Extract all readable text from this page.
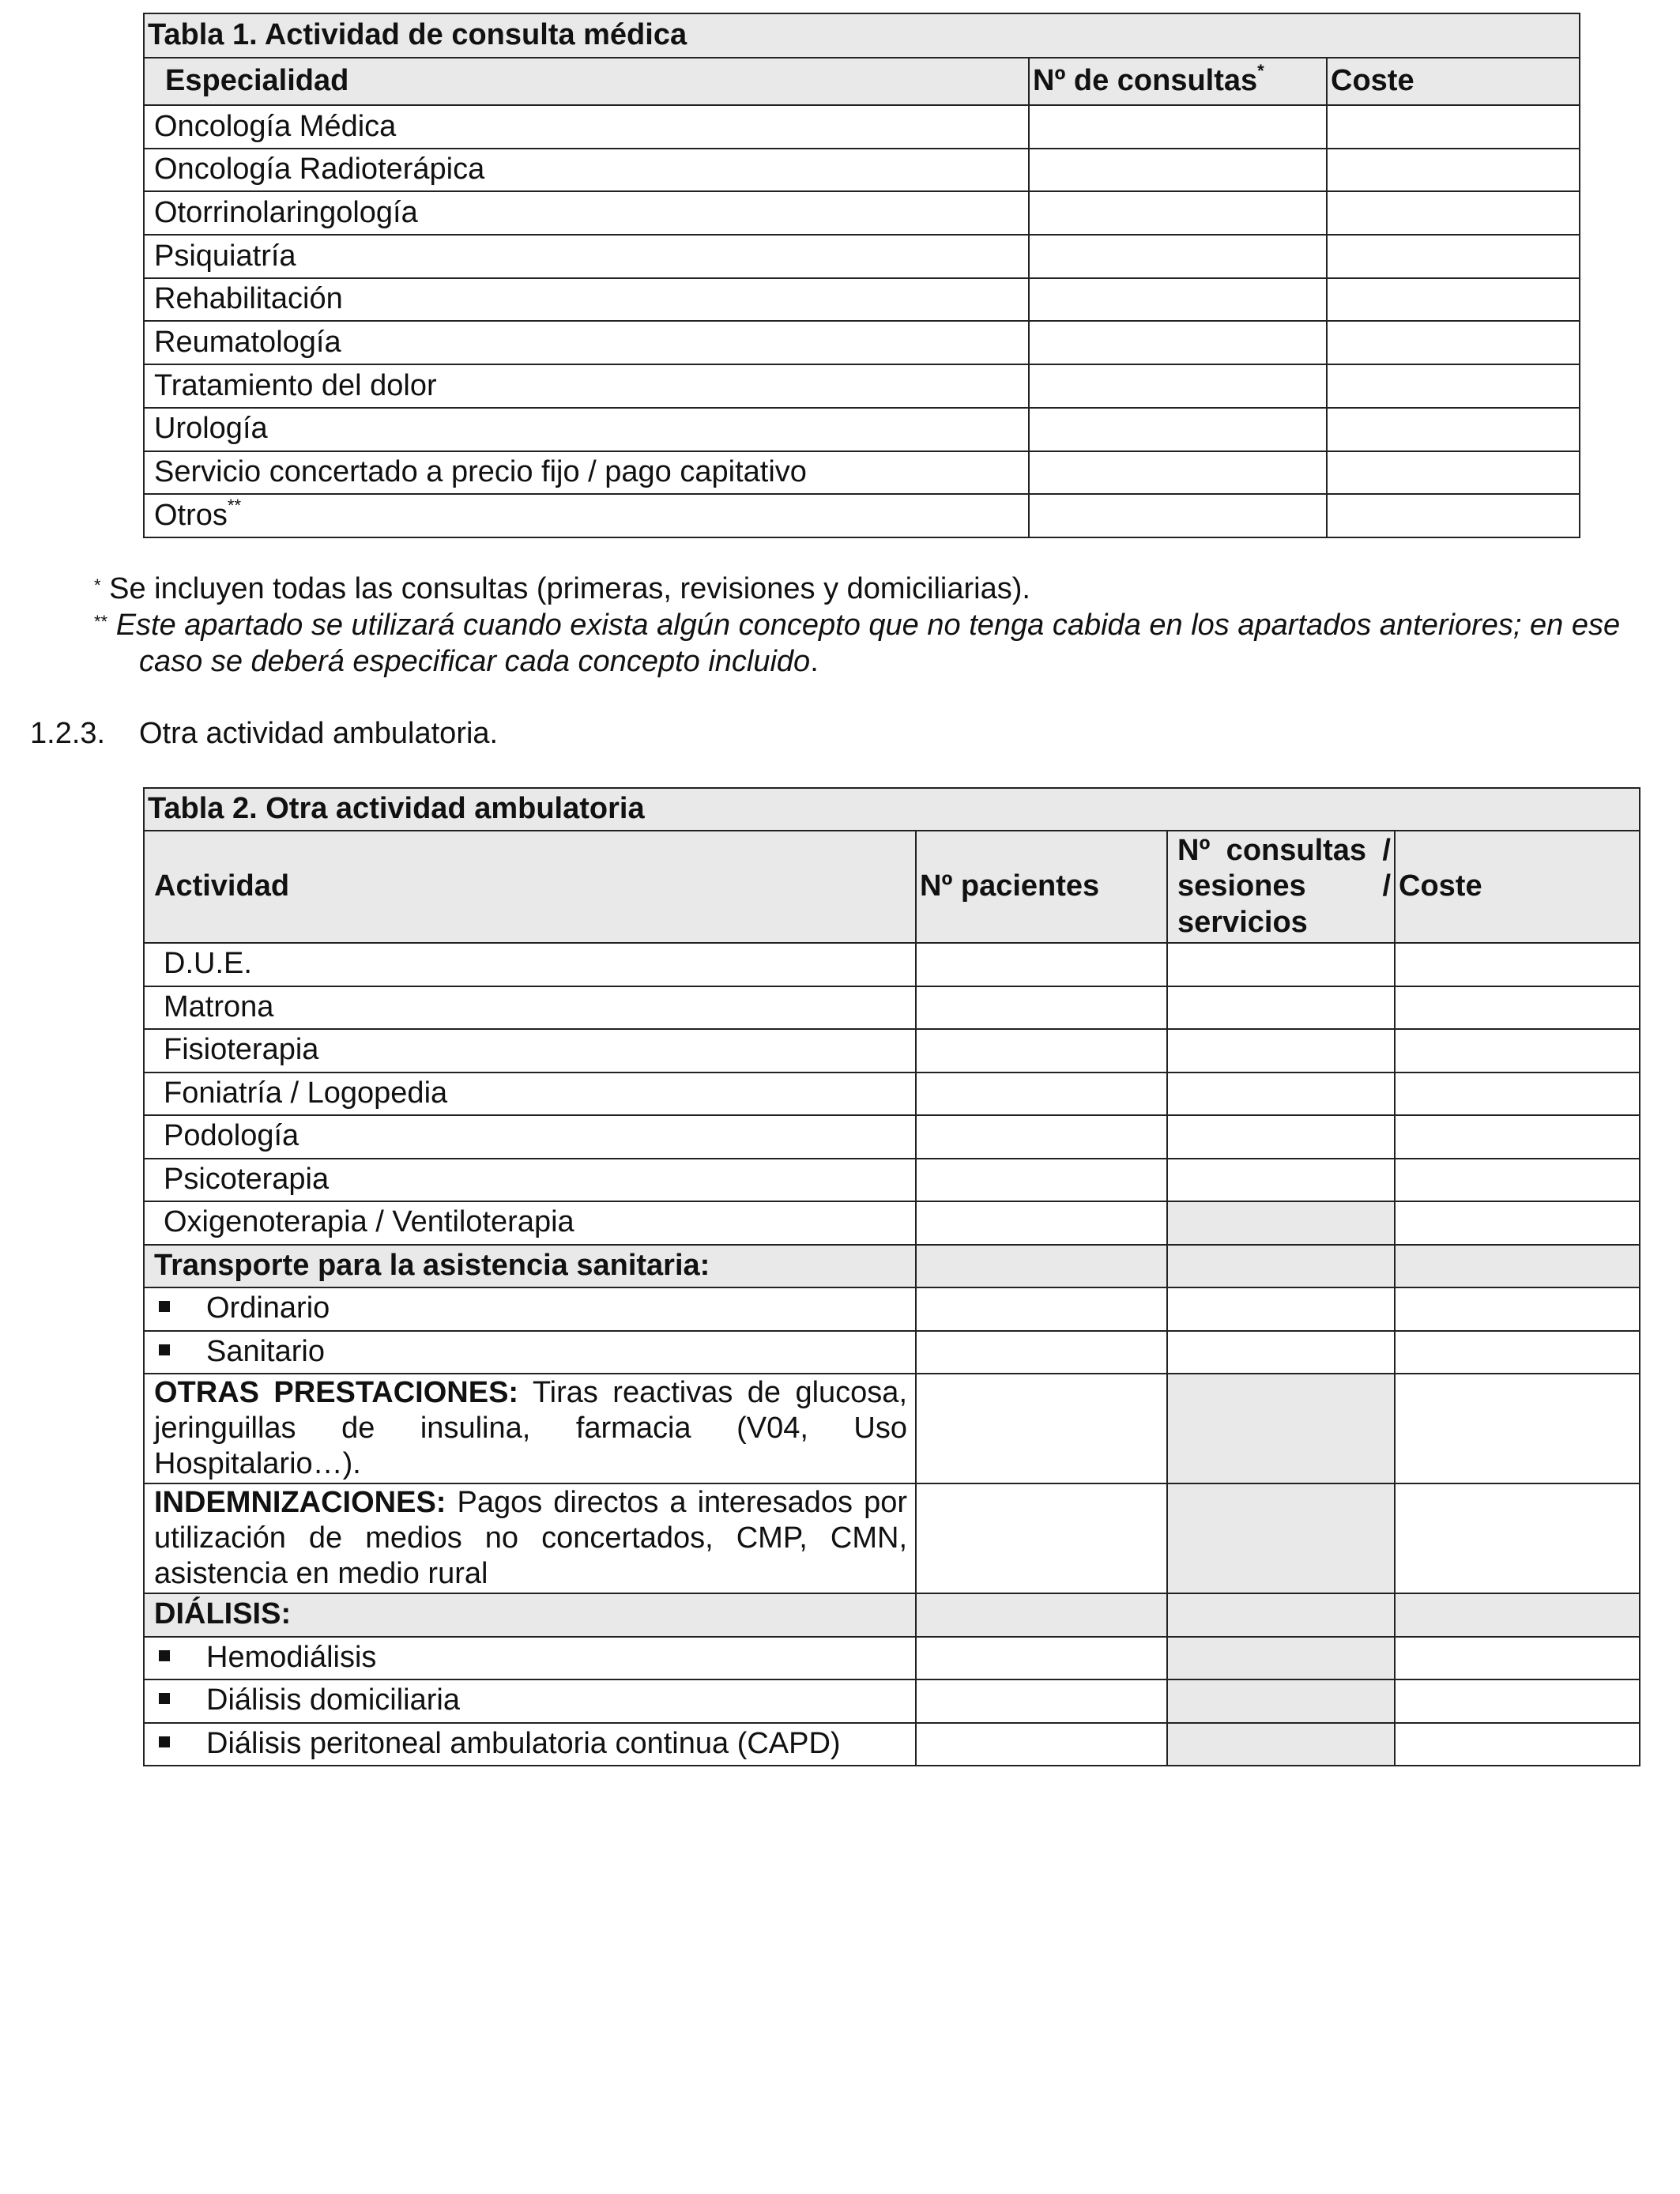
Tabla 1. Actividad de consulta médica		
Especialidad	Nº de consultas*	Coste
Oncología Médica		
Oncología Radioterápica		
Otorrinolaringología		
Psiquiatría		
Rehabilitación		
Reumatología		
Tratamiento del dolor		
Urología		
Servicio concertado a precio fijo / pago capitativo		
Otros**		
* Se incluyen todas las consultas (primeras, revisiones y domiciliarias).
** Este apartado se utilizará cuando exista algún concepto que no tenga cabida en los apartados anteriores; en ese
caso se deberá especificar cada concepto incluido.
1.2.3. Otra actividad ambulatoria.
Tabla 2. Otra actividad ambulatoria			
Actividad	Nº pacientes	Nº consultas / sesiones / servicios	Coste
D.U.E.			
Matrona			
Fisioterapia			
Foniatría / Logopedia			
Podología			
Psicoterapia			
Oxigenoterapia / Ventiloterapia			
Transporte para la asistencia sanitaria:			
Ordinario			
Sanitario			
OTRAS PRESTACIONES: Tiras reactivas de glucosa, jeringuillas de insulina, farmacia (V04, Uso Hospitalario…).			
INDEMNIZACIONES: Pagos directos a interesados por utilización de medios no concertados, CMP, CMN, asistencia en medio rural			
DIÁLISIS:			
Hemodiálisis			
Diálisis domiciliaria			
Diálisis peritoneal ambulatoria continua (CAPD)			
